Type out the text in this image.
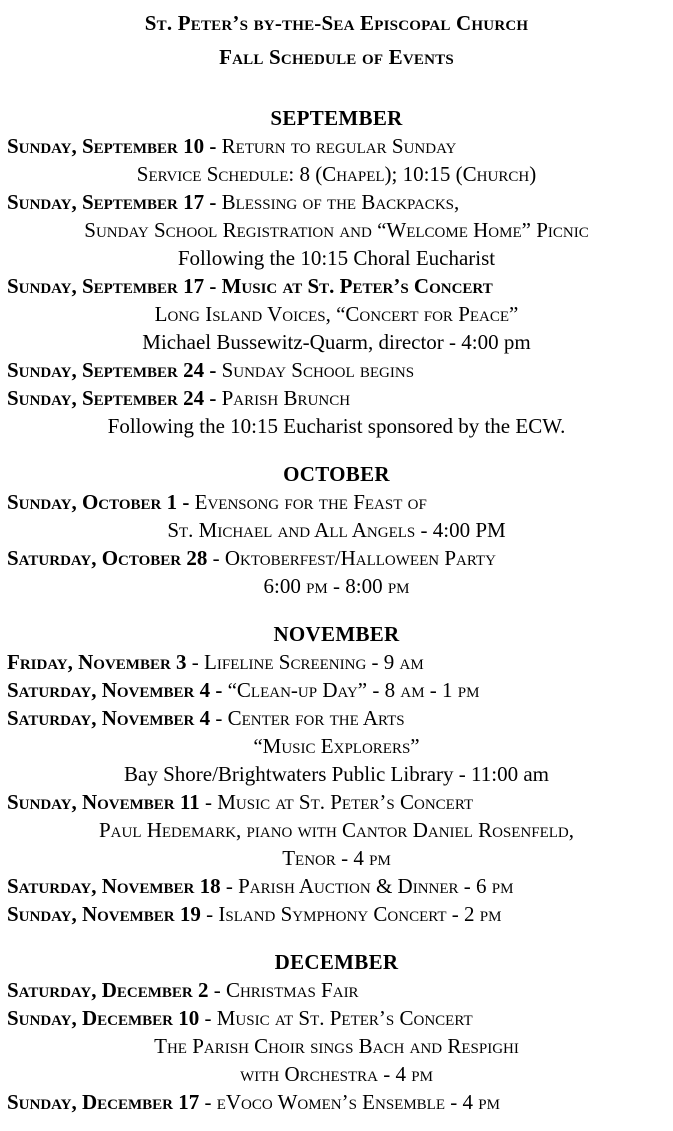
St. Peter’s by-the-Sea Episcopal Church
Fall Schedule of Events
SEPTEMBER
Sunday, September 10 - Return to regular Sunday
Service Schedule: 8 (Chapel); 10:15 (Church)
Sunday, September 17 - Blessing of the Backpacks,
Sunday School Registration and “Welcome Home” Picnic
Following the 10:15 Choral Eucharist
Sunday, September 17 - Music at St. Peter’s Concert
Long Island Voices, “Concert for Peace”
Michael Bussewitz-Quarm, director - 4:00 pm
Sunday, September 24 - Sunday School begins
Sunday, September 24 - Parish Brunch
Following the 10:15 Eucharist sponsored by the ECW.
OCTOBER
Sunday, October 1 - Evensong for the Feast of
St. Michael and All Angels - 4:00 PM
Saturday, October 28 - Oktoberfest/Halloween Party
6:00 pm - 8:00 pm
NOVEMBER
Friday, November 3 - Lifeline Screening - 9 am
Saturday, November 4 - “Clean-up Day” - 8 am - 1 pm
Saturday, November 4 - Center for the Arts
“Music Explorers”
Bay Shore/Brightwaters Public Library - 11:00 am
Sunday, November 11 - Music at St. Peter’s Concert
Paul Hedemark, piano with Cantor Daniel Rosenfeld,
Tenor - 4 pm
Saturday, November 18 - Parish Auction & Dinner - 6 pm
Sunday, November 19 - Island Symphony Concert - 2 pm
DECEMBER
Saturday, December 2 - Christmas Fair
Sunday, December 10 - Music at St. Peter’s Concert
The Parish Choir sings Bach and Respighi
with Orchestra - 4 pm
Sunday, December 17 - eVoco Women’s Ensemble - 4 pm
